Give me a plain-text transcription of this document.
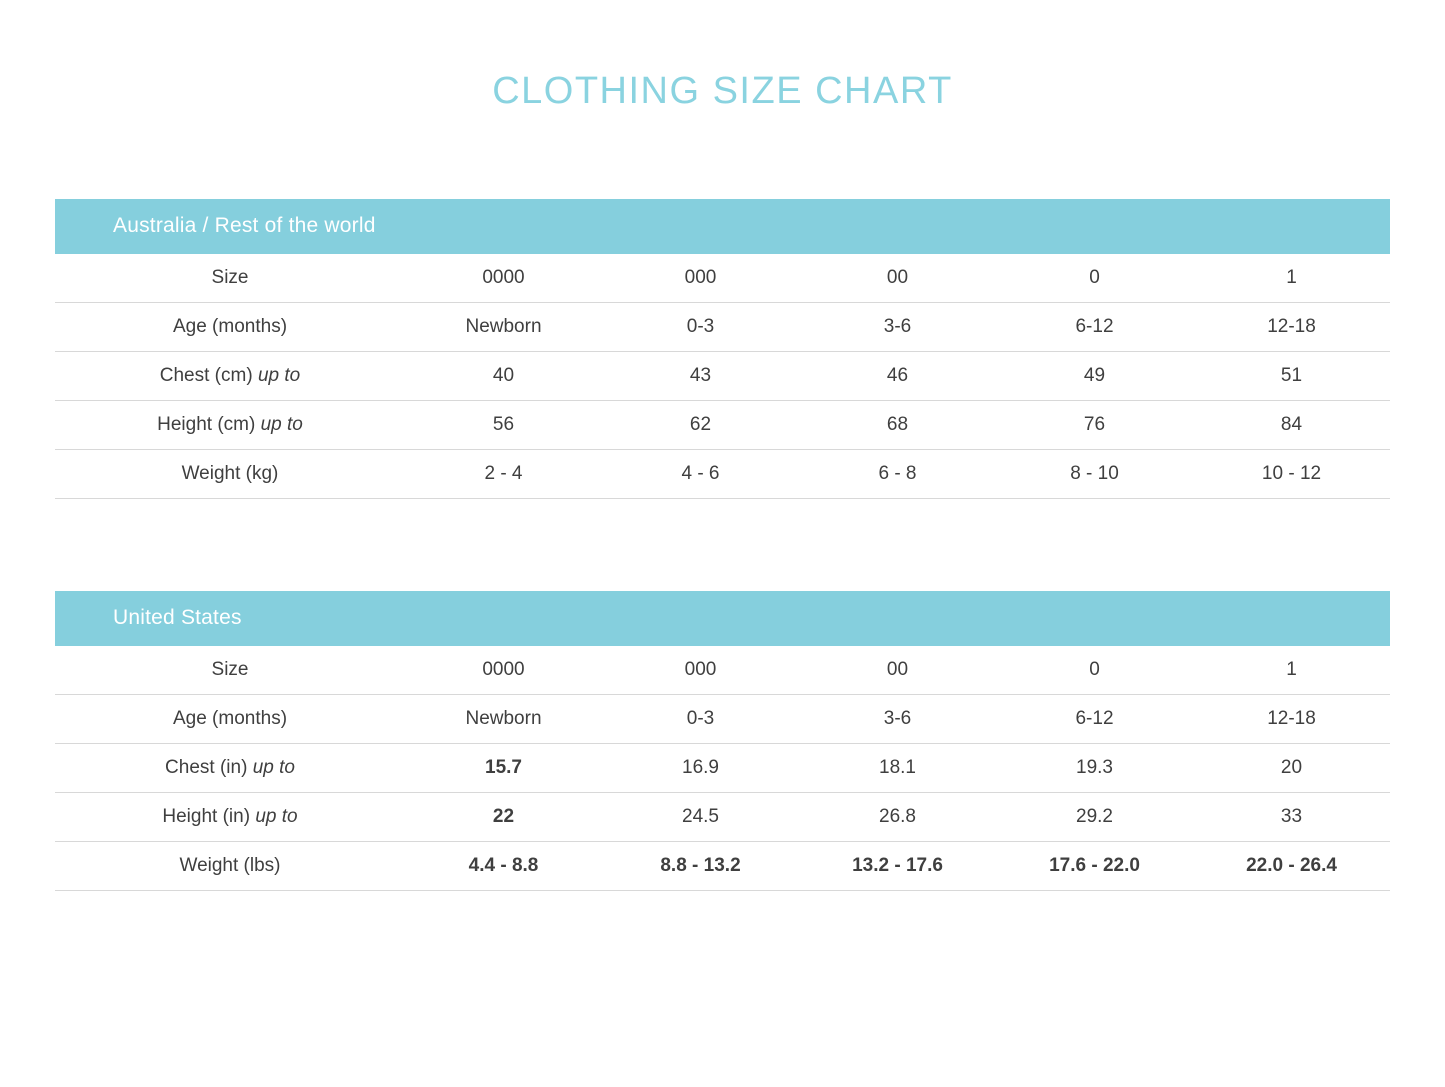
CLOTHING SIZE CHART
Australia / Rest of the world
Size	0000	000	00	0	1
Age (months)	Newborn	0-3	3-6	6-12	12-18
Chest (cm) up to	40	43	46	49	51
Height (cm) up to	56	62	68	76	84
Weight (kg)	2 - 4	4 - 6	6 - 8	8 - 10	10 - 12
United States
Size	0000	000	00	0	1
Age (months)	Newborn	0-3	3-6	6-12	12-18
Chest (in) up to	15.7	16.9	18.1	19.3	20
Height (in) up to	22	24.5	26.8	29.2	33
Weight (lbs)	4.4 - 8.8	8.8 - 13.2	13.2 - 17.6	17.6 - 22.0	22.0 - 26.4
